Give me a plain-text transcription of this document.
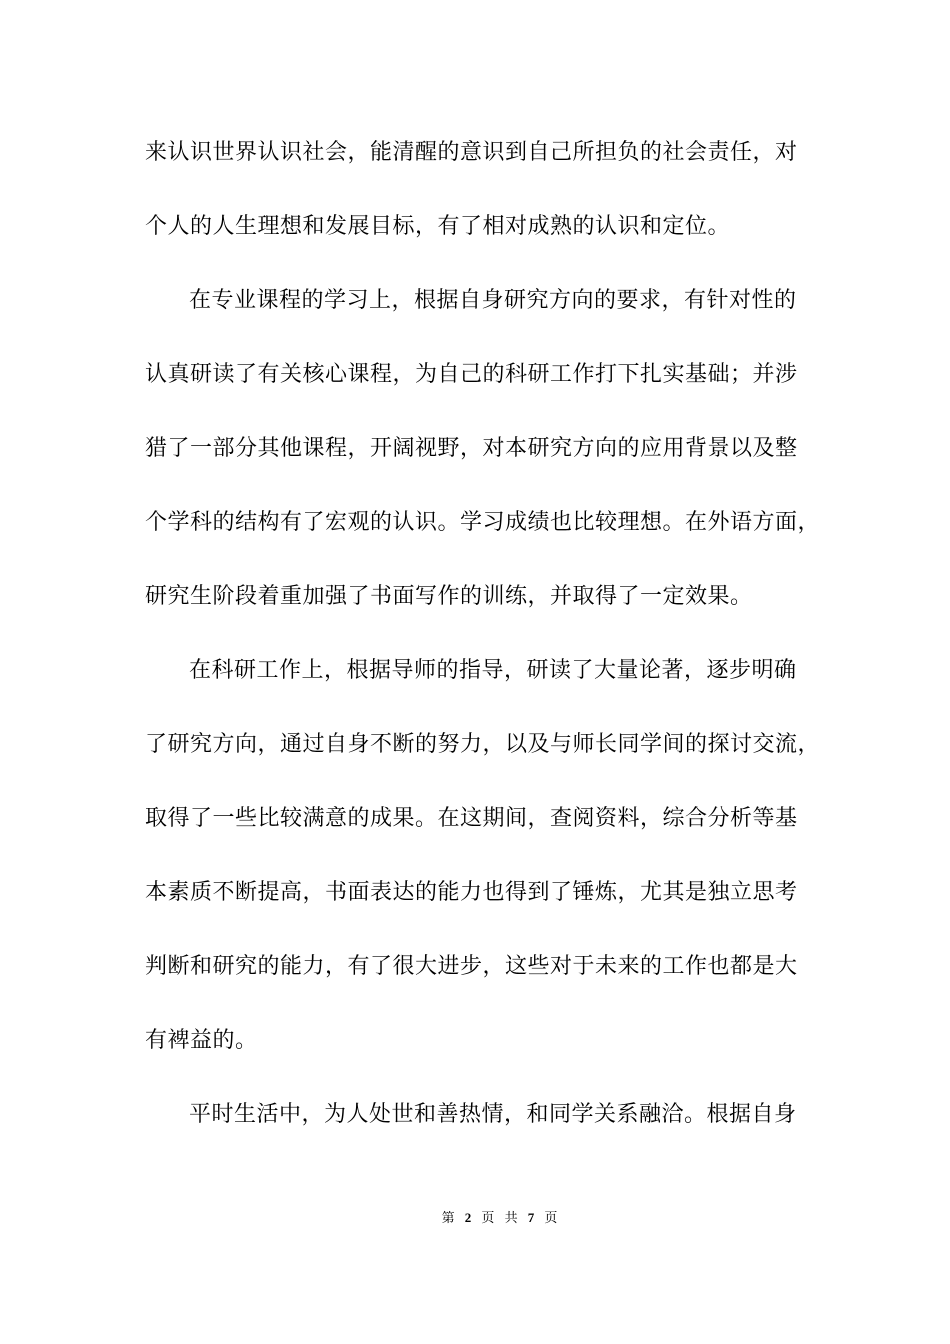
来认识世界认识社会，能清醒的意识到自己所担负的社会责任，对
个人的人生理想和发展目标，有了相对成熟的认识和定位。
在专业课程的学习上，根据自身研究方向的要求，有针对性的
认真研读了有关核心课程，为自己的科研工作打下扎实基础；并涉
猎了一部分其他课程，开阔视野，对本研究方向的应用背景以及整
个学科的结构有了宏观的认识。学习成绩也比较理想。在外语方面，
研究生阶段着重加强了书面写作的训练，并取得了一定效果。
在科研工作上，根据导师的指导，研读了大量论著，逐步明确
了研究方向，通过自身不断的努力，以及与师长同学间的探讨交流，
取得了一些比较满意的成果。在这期间，查阅资料，综合分析等基
本素质不断提高，书面表达的能力也得到了锤炼，尤其是独立思考
判断和研究的能力，有了很大进步，这些对于未来的工作也都是大
有裨益的。
平时生活中，为人处世和善热情，和同学关系融洽。根据自身
第 2 页 共 7 页
